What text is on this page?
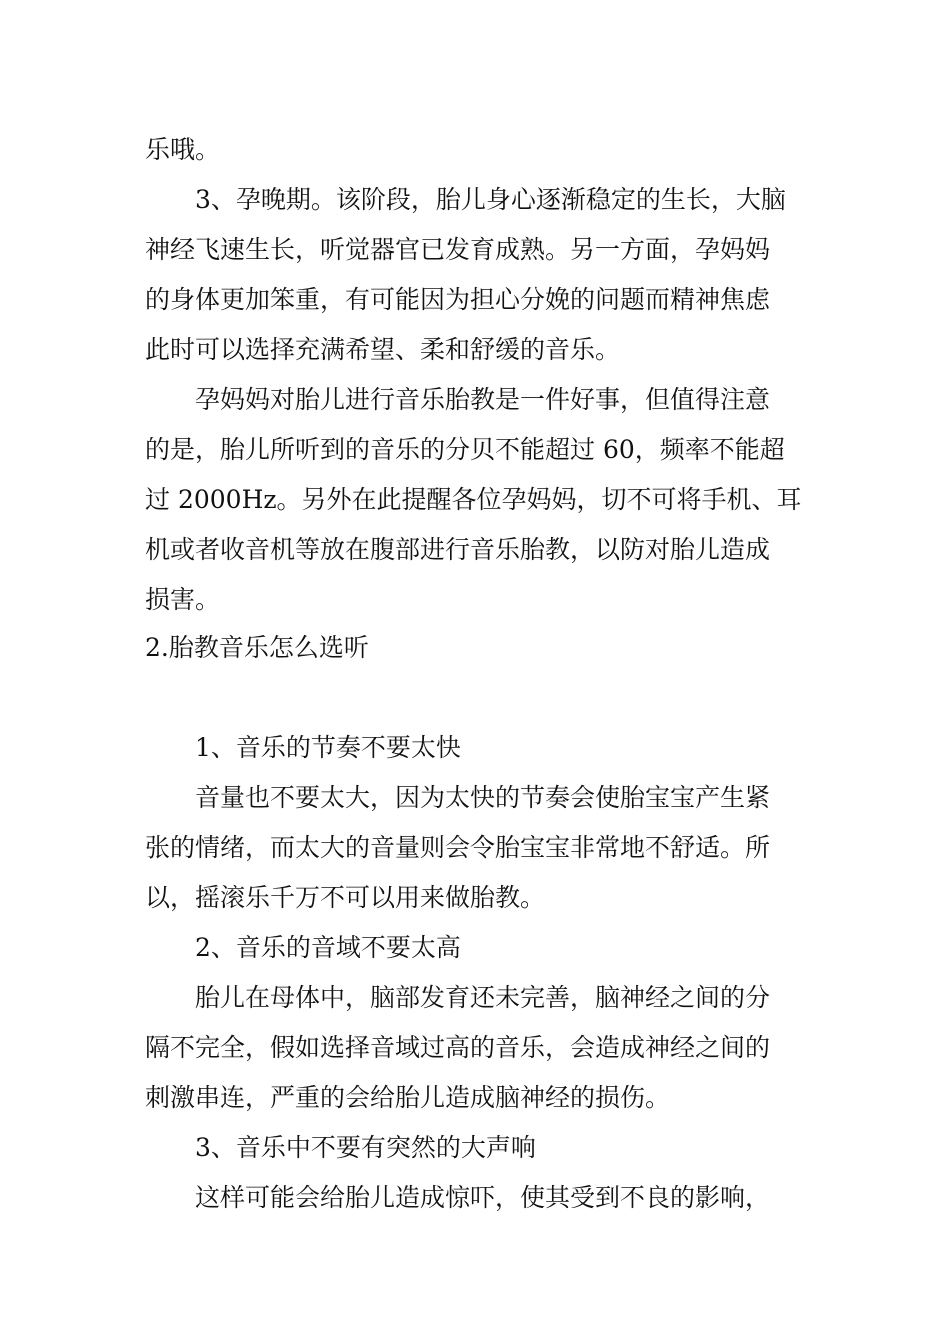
乐哦。

3、孕晚期。该阶段，胎儿身心逐渐稳定的生长，大脑

神经飞速生长，听觉器官已发育成熟。另一方面，孕妈妈

的身体更加笨重，有可能因为担心分娩的问题而精神焦虑

此时可以选择充满希望、柔和舒缓的音乐。

孕妈妈对胎儿进行音乐胎教是一件好事，但值得注意

的是，胎儿所听到的音乐的分贝不能超过 60，频率不能超

过 2000Hz。另外在此提醒各位孕妈妈，切不可将手机、耳

机或者收音机等放在腹部进行音乐胎教，以防对胎儿造成

损害。

2.胎教音乐怎么选听

1、音乐的节奏不要太快

音量也不要太大，因为太快的节奏会使胎宝宝产生紧

张的情绪，而太大的音量则会令胎宝宝非常地不舒适。所

以，摇滚乐千万不可以用来做胎教。

2、音乐的音域不要太高

胎儿在母体中，脑部发育还未完善，脑神经之间的分

隔不完全，假如选择音域过高的音乐，会造成神经之间的

刺激串连，严重的会给胎儿造成脑神经的损伤。

3、音乐中不要有突然的大声响

这样可能会给胎儿造成惊吓，使其受到不良的影响，
